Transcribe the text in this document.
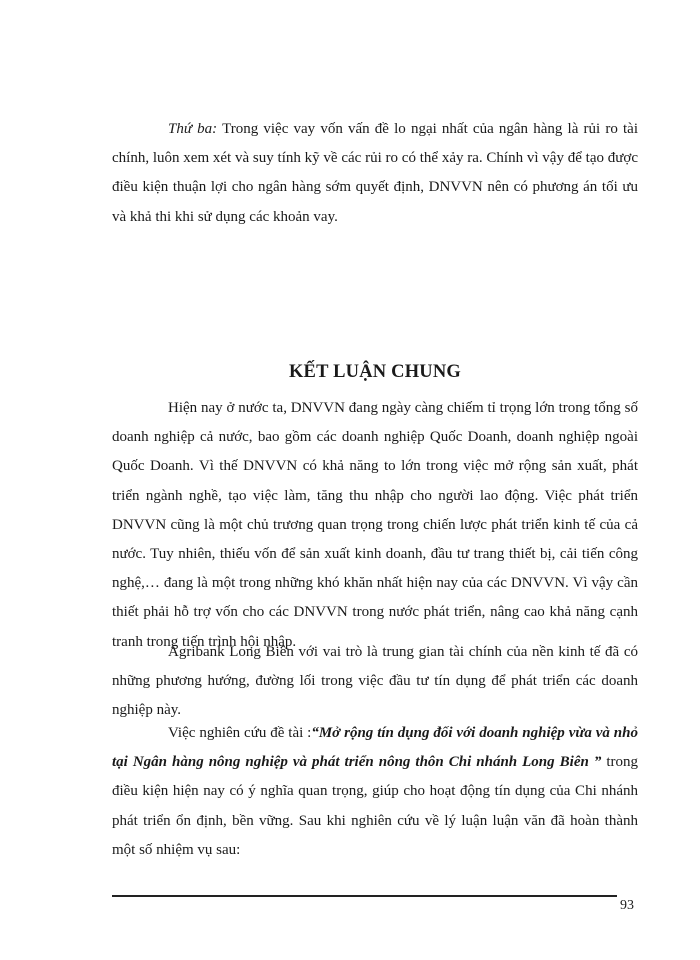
Thứ ba: Trong việc vay vốn vấn đề lo ngại nhất của ngân hàng là rủi ro tài chính, luôn xem xét và suy tính kỹ về các rủi ro có thể xảy ra. Chính vì vậy để tạo được điều kiện thuận lợi cho ngân hàng sớm quyết định, DNVVN nên có phương án tối ưu và khả thi khi sử dụng các khoản vay.

KẾT LUẬN CHUNG

Hiện nay ở nước ta, DNVVN đang ngày càng chiếm tỉ trọng lớn trong tổng số doanh nghiệp cả nước, bao gồm các doanh nghiệp Quốc Doanh, doanh nghiệp ngoài Quốc Doanh. Vì thế DNVVN có khả năng to lớn trong việc mở rộng sản xuất, phát triển ngành nghề, tạo việc làm, tăng thu nhập cho người lao động. Việc phát triển DNVVN cũng là một chủ trương quan trọng trong chiến lược phát triển kinh tế của cả nước. Tuy nhiên, thiếu vốn để sản xuất kinh doanh, đầu tư trang thiết bị, cải tiến công nghệ,… đang là một trong những khó khăn nhất hiện nay của các DNVVN. Vì vậy cần thiết phải hỗ trợ vốn cho các DNVVN trong nước phát triển, nâng cao khả năng cạnh tranh trong tiến trình hội nhập.

Agribank Long Biên với vai trò là trung gian tài chính của nền kinh tế đã có những phương hướng, đường lối trong việc đầu tư tín dụng để phát triển các doanh nghiệp này.

Việc nghiên cứu đề tài :“Mở rộng tín dụng đối với doanh nghiệp vừa và nhỏ tại Ngân hàng nông nghiệp và phát triển nông thôn Chi nhánh Long Biên ” trong điều kiện hiện nay có ý nghĩa quan trọng, giúp cho hoạt động tín dụng của Chi nhánh phát triển ổn định, bền vững. Sau khi nghiên cứu về lý luận luận văn đã hoàn thành một số nhiệm vụ sau:

93
